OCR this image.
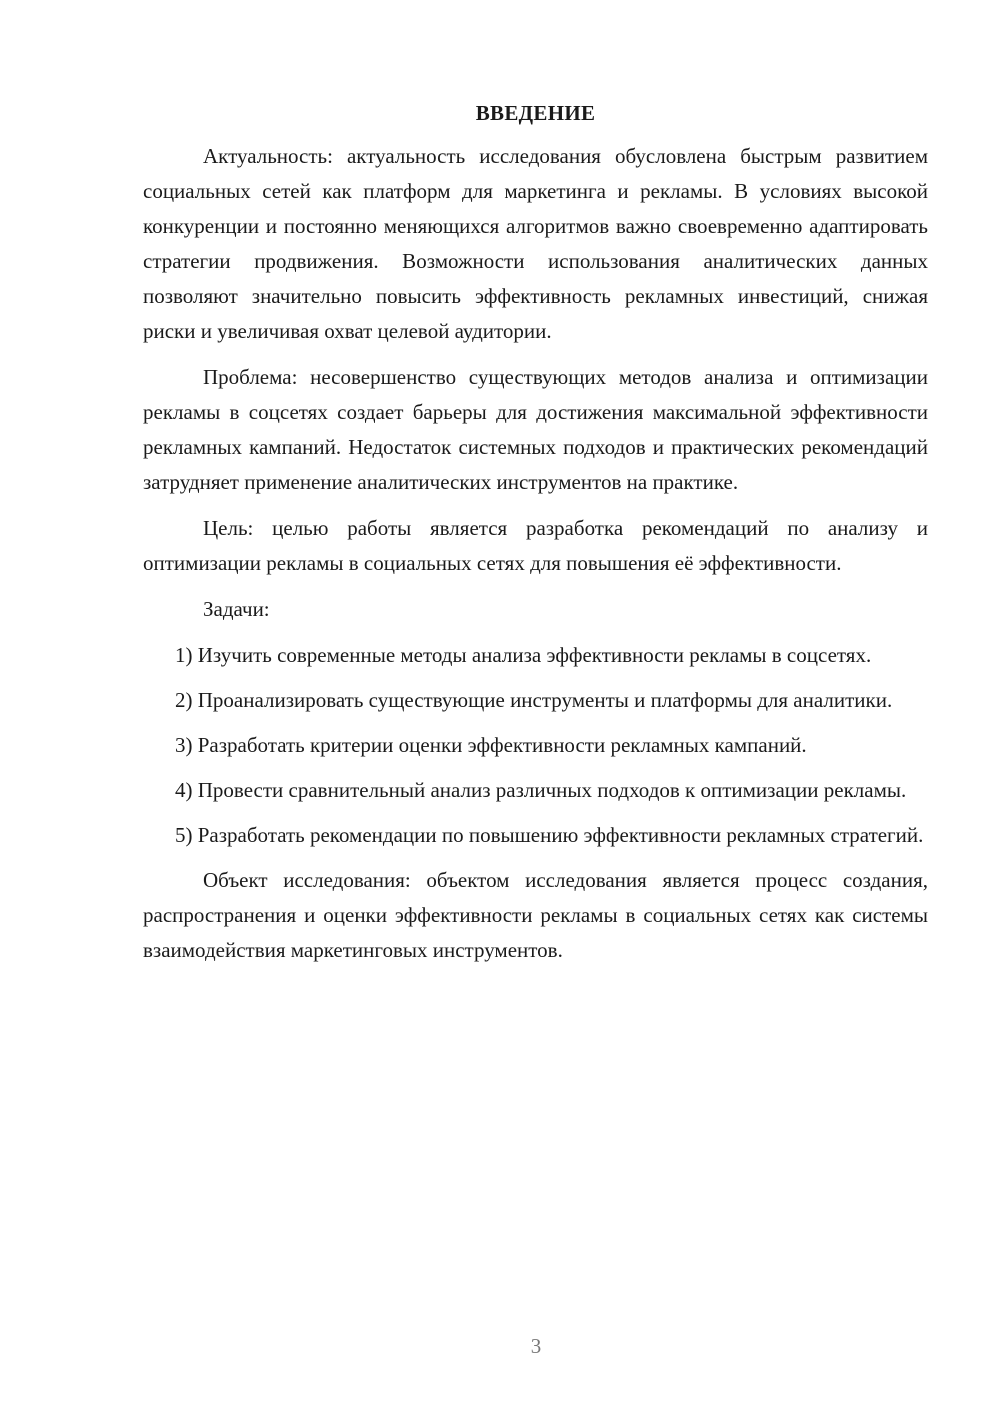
ВВЕДЕНИЕ

Актуальность: актуальность исследования обусловлена быстрым развитием социальных сетей как платформ для маркетинга и рекламы. В условиях высокой конкуренции и постоянно меняющихся алгоритмов важно своевременно адаптировать стратегии продвижения. Возможности использования аналитических данных позволяют значительно повысить эффективность рекламных инвестиций, снижая риски и увеличивая охват целевой аудитории.

Проблема: несовершенство существующих методов анализа и оптимизации рекламы в соцсетях создает барьеры для достижения максимальной эффективности рекламных кампаний. Недостаток системных подходов и практических рекомендаций затрудняет применение аналитических инструментов на практике.

Цель: целью работы является разработка рекомендаций по анализу и оптимизации рекламы в социальных сетях для повышения её эффективности.

Задачи:

1) Изучить современные методы анализа эффективности рекламы в соцсетях.

2) Проанализировать существующие инструменты и платформы для аналитики.

3) Разработать критерии оценки эффективности рекламных кампаний.

4) Провести сравнительный анализ различных подходов к оптимизации рекламы.

5) Разработать рекомендации по повышению эффективности рекламных стратегий.

Объект исследования: объектом исследования является процесс создания, распространения и оценки эффективности рекламы в социальных сетях как системы взаимодействия маркетинговых инструментов.

3
